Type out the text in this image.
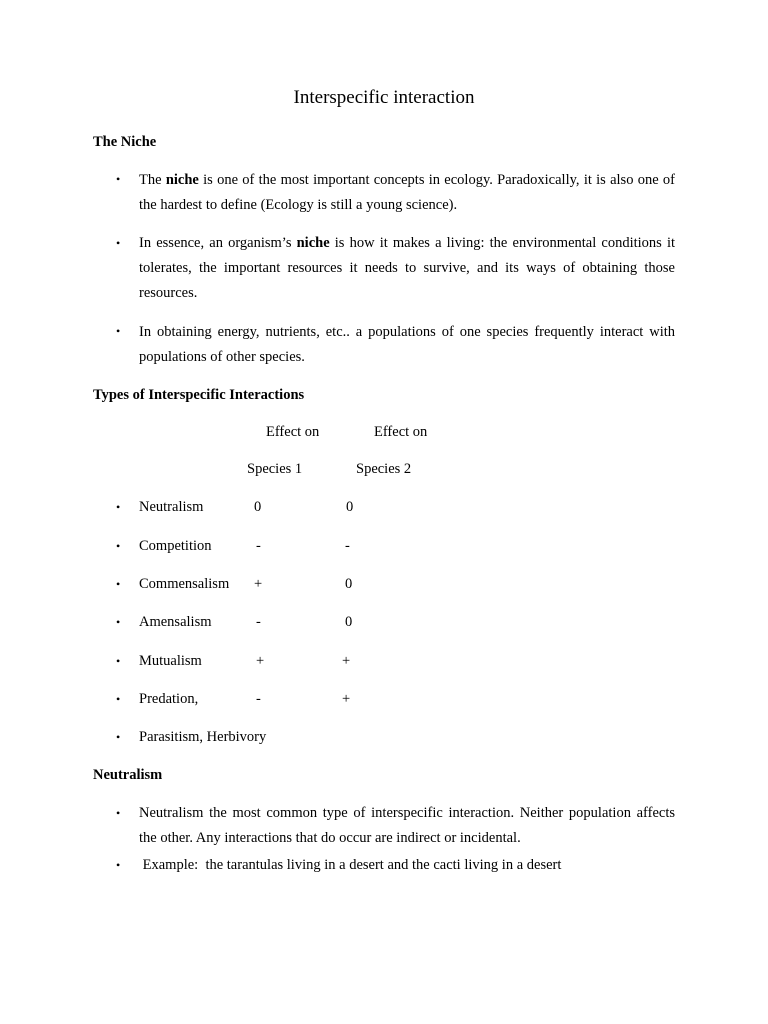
Interspecific interaction
The Niche
• The niche is one of the most important concepts in ecology. Paradoxically, it is also one of the hardest to define (Ecology is still a young science).
• In essence, an organism’s niche is how it makes a living: the environmental conditions it tolerates, the important resources it needs to survive, and its ways of obtaining those resources.
• In obtaining energy, nutrients, etc.. a populations of one species frequently interact with populations of other species.
Types of Interspecific Interactions
Effect on	Effect on
Species 1	Species 2
• Neutralism	0	0
• Competition	-	-
• Commensalism +	0
• Amensalism	-	0
• Mutualism	+	+
• Predation,	-	+
• Parasitism, Herbivory
Neutralism
• Neutralism the most common type of interspecific interaction. Neither population affects the other. Any interactions that do occur are indirect or incidental.
• Example:  the tarantulas living in a desert and the cacti living in a desert
